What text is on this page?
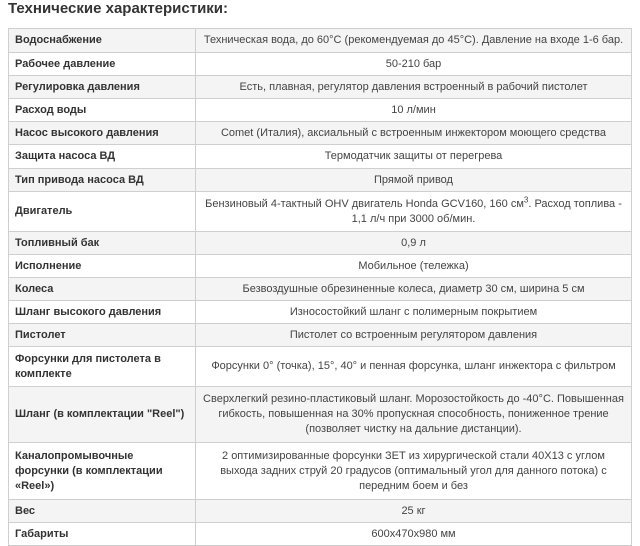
Технические характеристики:
Водоснабжение	Техническая вода, до 60°С (рекомендуемая до 45°С). Давление на входе 1-6 бар.
Рабочее давление	50-210 бар
Регулировка давления	Есть, плавная, регулятор давления встроенный в рабочий пистолет
Расход воды	10 л/мин
Насос высокого давления	Comet (Италия), аксиальный с встроенным инжектором моющего средства
Защита насоса ВД	Термодатчик защиты от перегрева
Тип привода насоса ВД	Прямой привод
Двигатель	Бензиновый 4-тактный OHV двигатель Honda GCV160, 160 $см^3$. Расход топлива - 1,1 л/ч при 3000 об/мин.
Топливный бак	0,9 л
Исполнение	Мобильное (тележка)
Колеса	Безвоздушные обрезиненные колеса, диаметр 30 см, ширина 5 см
Шланг высокого давления	Износостойкий шланг с полимерным покрытием
Пистолет	Пистолет со встроенным регулятором давления
Форсунки для пистолета в комплекте	Форсунки 0° (точка), 15°, 40° и пенная форсунка, шланг инжектора с фильтром
Шланг (в комплектации "Reel")	Сверхлегкий резино-пластиковый шланг. Морозостойкость до -40°С. Повышенная гибкость, повышенная на 30% пропускная способность, пониженное трение (позволяет чистку на дальние дистанции).
Каналопромывочные форсунки (в комплектации «Reel»)	2 оптимизированные форсунки ЗЕТ из хирургической стали 40Х13 с углом выхода задних струй 20 градусов (оптимальный угол для данного потока) с передним боем и без
Вес	25 кг
Габариты	600х470х980 мм
